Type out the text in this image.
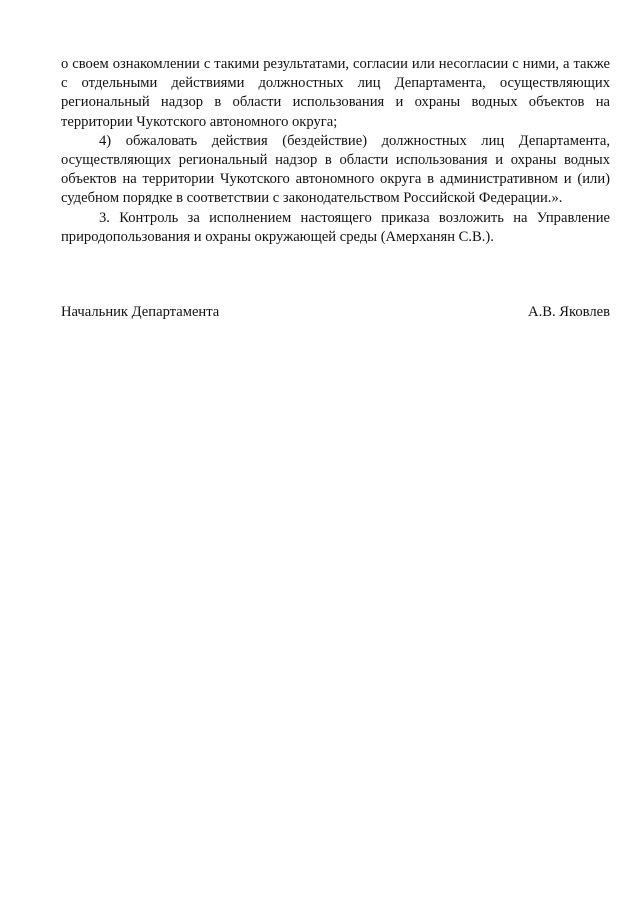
о своем ознакомлении с такими результатами, согласии или несогласии с ними, а также с отдельными действиями должностных лиц Департамента, осуществляющих региональный надзор в области использования и охраны водных объектов на территории Чукотского автономного округа;

4) обжаловать действия (бездействие) должностных лиц Департамента, осуществляющих региональный надзор в области использования и охраны водных объектов на территории Чукотского автономного округа в административном и (или) судебном порядке в соответствии с законодательством Российской Федерации.».

3. Контроль за исполнением настоящего приказа возложить на Управление природопользования и охраны окружающей среды (Амерханян С.В.).

Начальник Департамента	А.В. Яковлев
